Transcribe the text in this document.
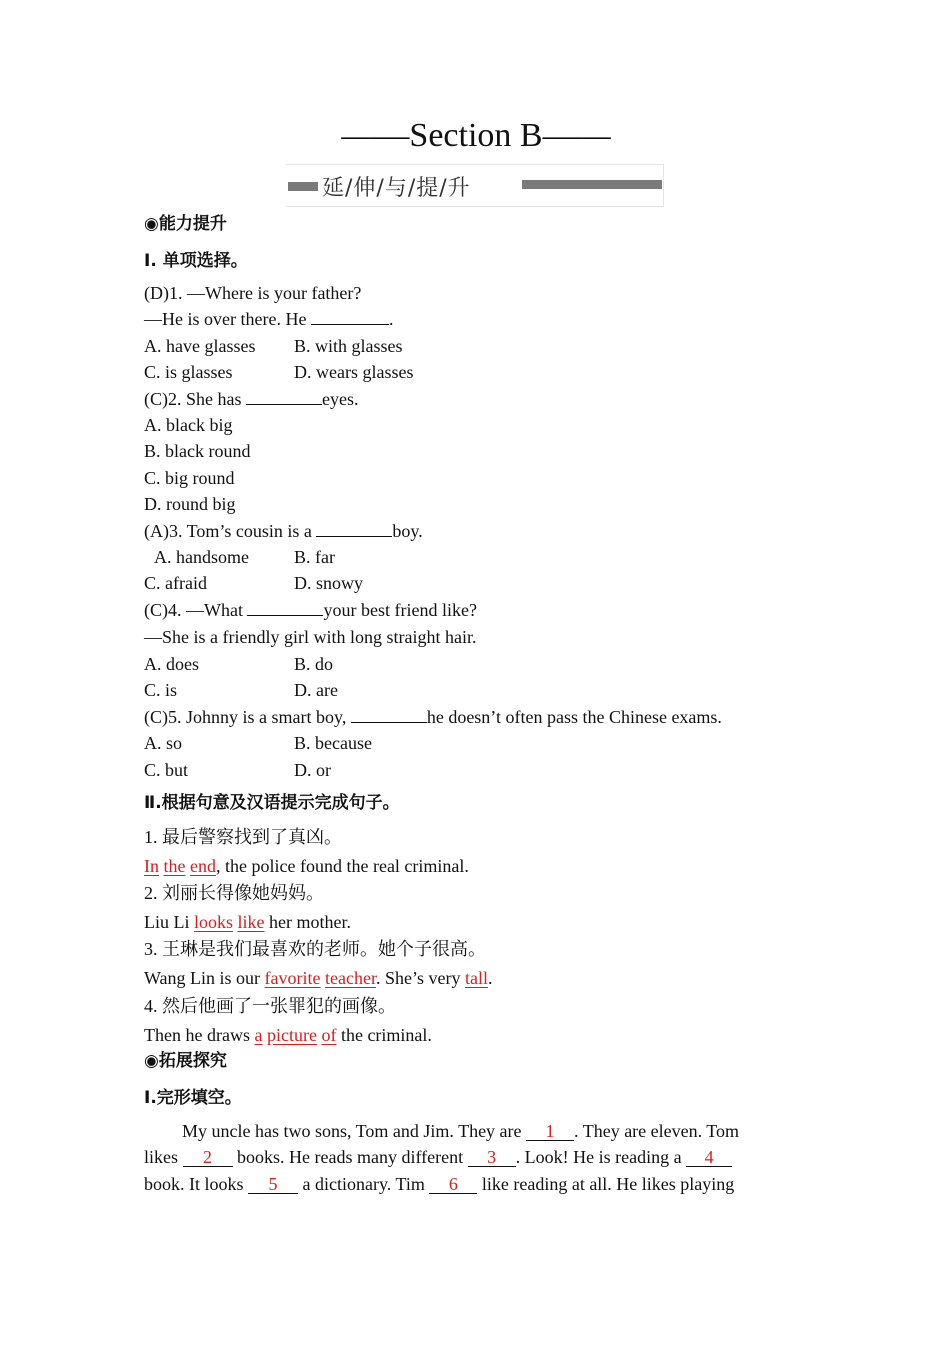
——Section B——
延/伸/与/提/升
◉能力提升
Ⅰ. 单项选择。
(D)1. —Where is your father?
—He is over there. He	.
A. have glasses B. with glasses
C. is glasses	D. wears glasses
(C)2. She has	eyes.
A. black big
B. black round
C. big round
D. round big
(A)3. Tom’s cousin is a	boy.
A. handsome	B. far
C. afraid	D. snowy
(C)4. —What	your best friend like?
—She is a friendly girl with long straight hair.
A. does	B. do
C. is	D. are
(C)5. Johnny is a smart boy,	he doesn’t often pass the Chinese exams.
A. so	B. because
C. but	D. or
Ⅱ.根据句意及汉语提示完成句子。
1. 最后警察找到了真凶。
In the end, the police found the real criminal.
2. 刘丽长得像她妈妈。
Liu Li looks like her mother.
3. 王琳是我们最喜欢的老师。她个子很高。
Wang Lin is our favorite teacher. She’s very tall.
4. 然后他画了一张罪犯的画像。
Then he draws a picture of the criminal.
◉拓展探究
Ⅰ.完形填空。
My uncle has two sons, Tom and Jim. They are 1 . They are eleven. Tom
likes 2 books. He reads many different 3 . Look! He is reading a 4
book. It looks 5 a dictionary. Tim 6 like reading at all. He likes playing
